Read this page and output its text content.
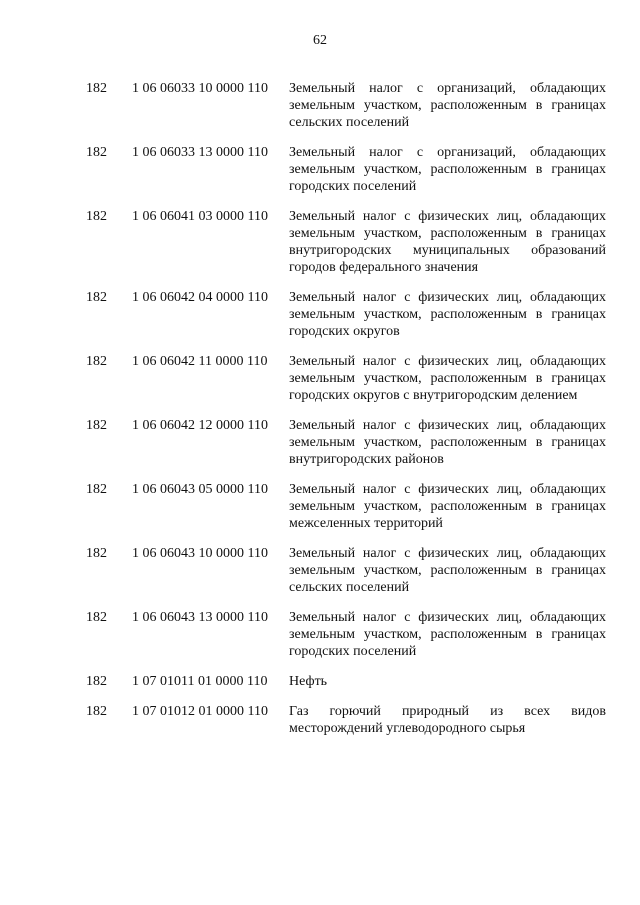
62
182	1 06 06033 10 0000 110	Земельный налог с организаций, обладающих земельным участком, расположенным в границах сельских поселений
182	1 06 06033 13 0000 110	Земельный налог с организаций, обладающих земельным участком, расположенным в границах городских поселений
182	1 06 06041 03 0000 110	Земельный налог с физических лиц, обладающих земельным участком, расположенным в границах внутригородских муниципальных образований городов федерального значения
182	1 06 06042 04 0000 110	Земельный налог с физических лиц, обладающих земельным участком, расположенным в границах городских округов
182	1 06 06042 11 0000 110	Земельный налог с физических лиц, обладающих земельным участком, расположенным в границах городских округов с внутригородским делением
182	1 06 06042 12 0000 110	Земельный налог с физических лиц, обладающих земельным участком, расположенным в границах внутригородских районов
182	1 06 06043 05 0000 110	Земельный налог с физических лиц, обладающих земельным участком, расположенным в границах межселенных территорий
182	1 06 06043 10 0000 110	Земельный налог с физических лиц, обладающих земельным участком, расположенным в границах сельских поселений
182	1 06 06043 13 0000 110	Земельный налог с физических лиц, обладающих земельным участком, расположенным в границах городских поселений
182	1 07 01011 01 0000 110	Нефть
182	1 07 01012 01 0000 110	Газ горючий природный из всех видов месторождений углеводородного сырья
